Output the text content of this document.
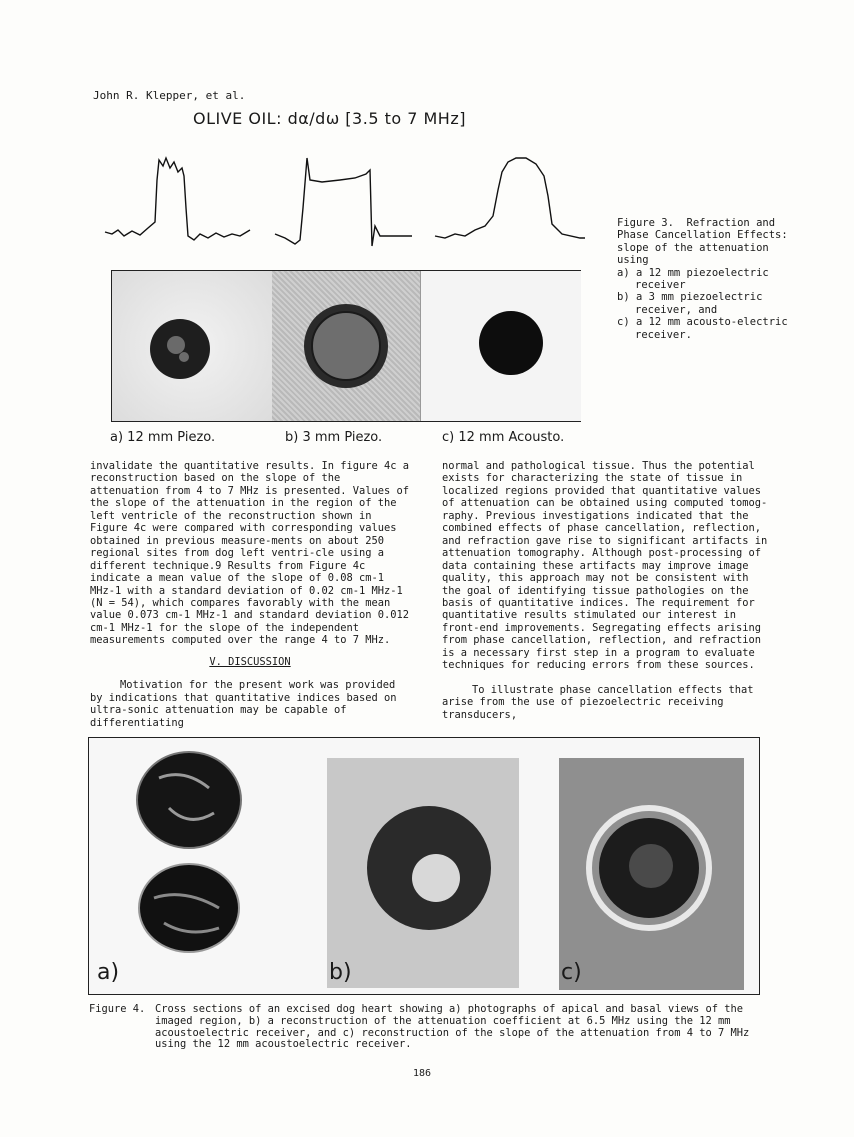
John R. Klepper, et al.
OLIVE OIL: dα/dω [3.5 to 7 MHz]
Figure 3.  Refraction and Phase Cancellation Effects:  slope of the attenuation using
a) a 12 mm piezoelectric receiver
b) a 3 mm piezoelectric receiver, and
c) a 12 mm acousto-electric receiver.
a) 12 mm Piezo.	b) 3 mm Piezo.	c) 12 mm Acousto.

invalidate the quantitative results. In figure 4c a reconstruction based on the slope of the attenuation from 4 to 7 MHz is presented. Values of the slope of the attenuation in the region of the left ventricle of the reconstruction shown in Figure 4c were compared with corresponding values obtained in previous measure-ments on about 250 regional sites from dog left ventri-cle using a different technique.9 Results from Figure 4c indicate a mean value of the slope of 0.08 cm-1 MHz-1 with a standard deviation of 0.02 cm-1 MHz-1 (N = 54), which compares favorably with the mean value 0.073 cm-1 MHz-1 and standard deviation 0.012 cm-1 MHz-1 for the slope of the independent measurements computed over the range 4 to 7 MHz.

V. DISCUSSION

Motivation for the present work was provided by indications that quantitative indices based on ultra-sonic attenuation may be capable of differentiating

normal and pathological tissue. Thus the potential exists for characterizing the state of tissue in localized regions provided that quantitative values of attenuation can be obtained using computed tomog-raphy. Previous investigations indicated that the combined effects of phase cancellation, reflection, and refraction gave rise to significant artifacts in attenuation tomography. Although post-processing of data containing these artifacts may improve image quality, this approach may not be consistent with the goal of identifying tissue pathologies on the basis of quantitative indices. The requirement for quantitative results stimulated our interest in front-end improvements. Segregating effects arising from phase cancellation, reflection, and refraction is a necessary first step in a program to evaluate techniques for reducing errors from these sources.

To illustrate phase cancellation effects that arise from the use of piezoelectric receiving transducers,

a)	b)	c)
Figure 4. Cross sections of an excised dog heart showing a) photographs of apical and basal views of the imaged region, b) a reconstruction of the attenuation coefficient at 6.5 MHz using the 12 mm acoustoelectric receiver, and c) reconstruction of the slope of the attenuation from 4 to 7 MHz using the 12 mm acoustoelectric receiver.
186
